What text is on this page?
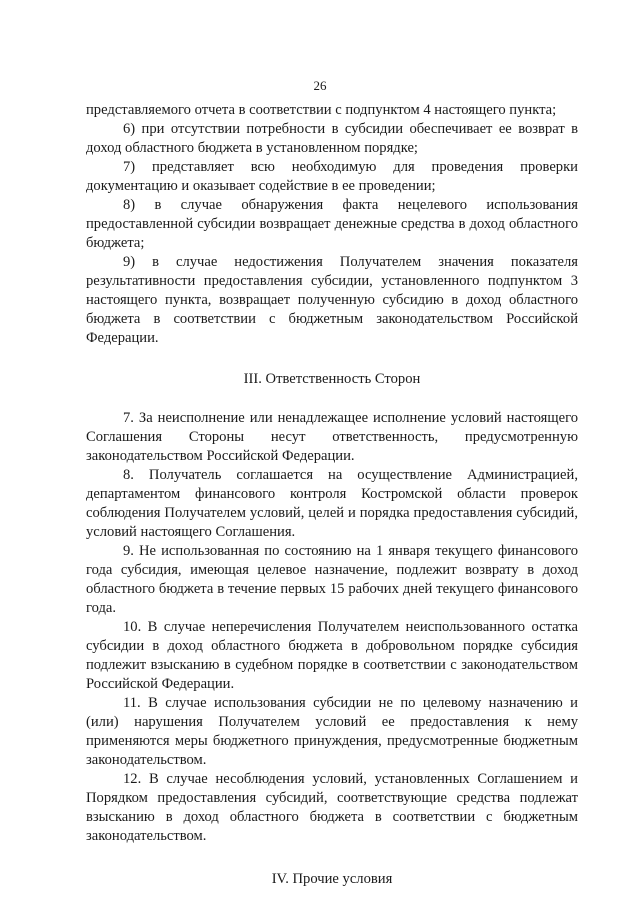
26

представляемого отчета в соответствии с подпунктом 4 настоящего пункта;

6) при отсутствии потребности в субсидии обеспечивает ее возврат в доход областного бюджета в установленном порядке;

7) представляет всю необходимую для проведения проверки документацию и оказывает содействие в ее проведении;

8) в случае обнаружения факта нецелевого использования предоставленной субсидии возвращает денежные средства в доход областного бюджета;

9) в случае недостижения Получателем значения показателя результативности предоставления субсидии, установленного подпунктом 3 настоящего пункта, возвращает полученную субсидию в доход областного бюджета в соответствии с бюджетным законодательством Российской Федерации.

III. Ответственность Сторон

7. За неисполнение или ненадлежащее исполнение условий настоящего Соглашения Стороны несут ответственность, предусмотренную законодательством Российской Федерации.

8. Получатель соглашается на осуществление Администрацией, департаментом финансового контроля Костромской области проверок соблюдения Получателем условий, целей и порядка предоставления субсидий, условий настоящего Соглашения.

9. Не использованная по состоянию на 1 января текущего финансового года субсидия, имеющая целевое назначение, подлежит возврату в доход областного бюджета в течение первых 15 рабочих дней текущего финансового года.

10. В случае неперечисления Получателем неиспользованного остатка субсидии в доход областного бюджета в добровольном порядке субсидия подлежит взысканию в судебном порядке в соответствии с законодательством Российской Федерации.

11. В случае использования субсидии не по целевому назначению и (или) нарушения Получателем условий ее предоставления к нему применяются меры бюджетного принуждения, предусмотренные бюджетным законодательством.

12. В случае несоблюдения условий, установленных Соглашением и Порядком предоставления субсидий, соответствующие средства подлежат взысканию в доход областного бюджета в соответствии с бюджетным законодательством.

IV. Прочие условия
